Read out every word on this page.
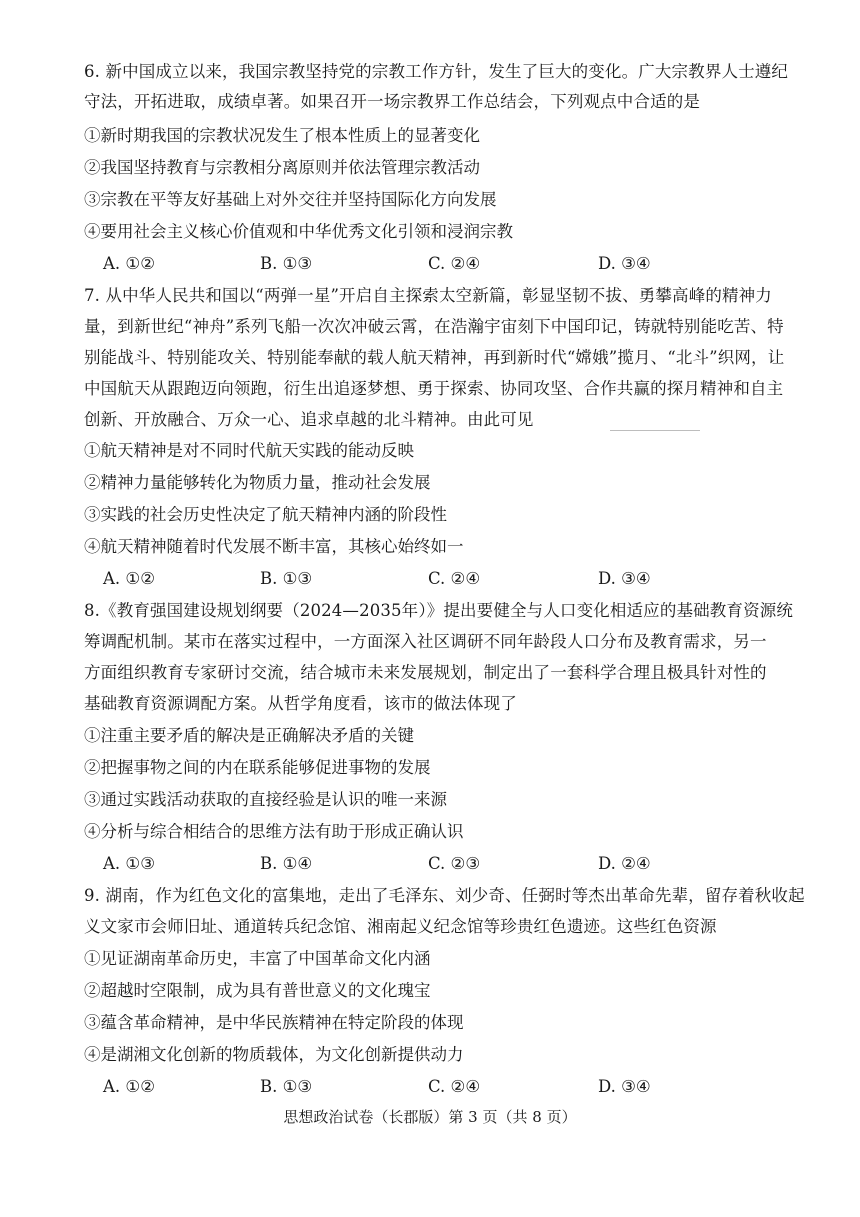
6. 新中国成立以来，我国宗教坚持党的宗教工作方针，发生了巨大的变化。广大宗教界人士遵纪
守法，开拓进取，成绩卓著。如果召开一场宗教界工作总结会，下列观点中合适的是
①新时期我国的宗教状况发生了根本性质上的显著变化
②我国坚持教育与宗教相分离原则并依法管理宗教活动
③宗教在平等友好基础上对外交往并坚持国际化方向发展
④要用社会主义核心价值观和中华优秀文化引领和浸润宗教
A. ①②	B. ①③	C. ②④	D. ③④
7. 从中华人民共和国以“两弹一星”开启自主探索太空新篇，彰显坚韧不拔、勇攀高峰的精神力
量，到新世纪“神舟”系列飞船一次次冲破云霄，在浩瀚宇宙刻下中国印记，铸就特别能吃苦、特
别能战斗、特别能攻关、特别能奉献的载人航天精神，再到新时代“嫦娥”揽月、“北斗”织网，让
中国航天从跟跑迈向领跑，衍生出追逐梦想、勇于探索、协同攻坚、合作共赢的探月精神和自主
创新、开放融合、万众一心、追求卓越的北斗精神。由此可见
①航天精神是对不同时代航天实践的能动反映
②精神力量能够转化为物质力量，推动社会发展
③实践的社会历史性决定了航天精神内涵的阶段性
④航天精神随着时代发展不断丰富，其核心始终如一
A. ①②	B. ①③	C. ②④	D. ③④
8.《教育强国建设规划纲要（2024—2035年）》提出要健全与人口变化相适应的基础教育资源统
筹调配机制。某市在落实过程中，一方面深入社区调研不同年龄段人口分布及教育需求，另一
方面组织教育专家研讨交流，结合城市未来发展规划，制定出了一套科学合理且极具针对性的
基础教育资源调配方案。从哲学角度看，该市的做法体现了
①注重主要矛盾的解决是正确解决矛盾的关键
②把握事物之间的内在联系能够促进事物的发展
③通过实践活动获取的直接经验是认识的唯一来源
④分析与综合相结合的思维方法有助于形成正确认识
A. ①③	B. ①④	C. ②③	D. ②④
9. 湖南，作为红色文化的富集地，走出了毛泽东、刘少奇、任弼时等杰出革命先辈，留存着秋收起
义文家市会师旧址、通道转兵纪念馆、湘南起义纪念馆等珍贵红色遗迹。这些红色资源
①见证湖南革命历史，丰富了中国革命文化内涵
②超越时空限制，成为具有普世意义的文化瑰宝
③蕴含革命精神，是中华民族精神在特定阶段的体现
④是湖湘文化创新的物质载体，为文化创新提供动力
A. ①②	B. ①③	C. ②④	D. ③④
思想政治试卷（长郡版）第 3 页（共 8 页）
